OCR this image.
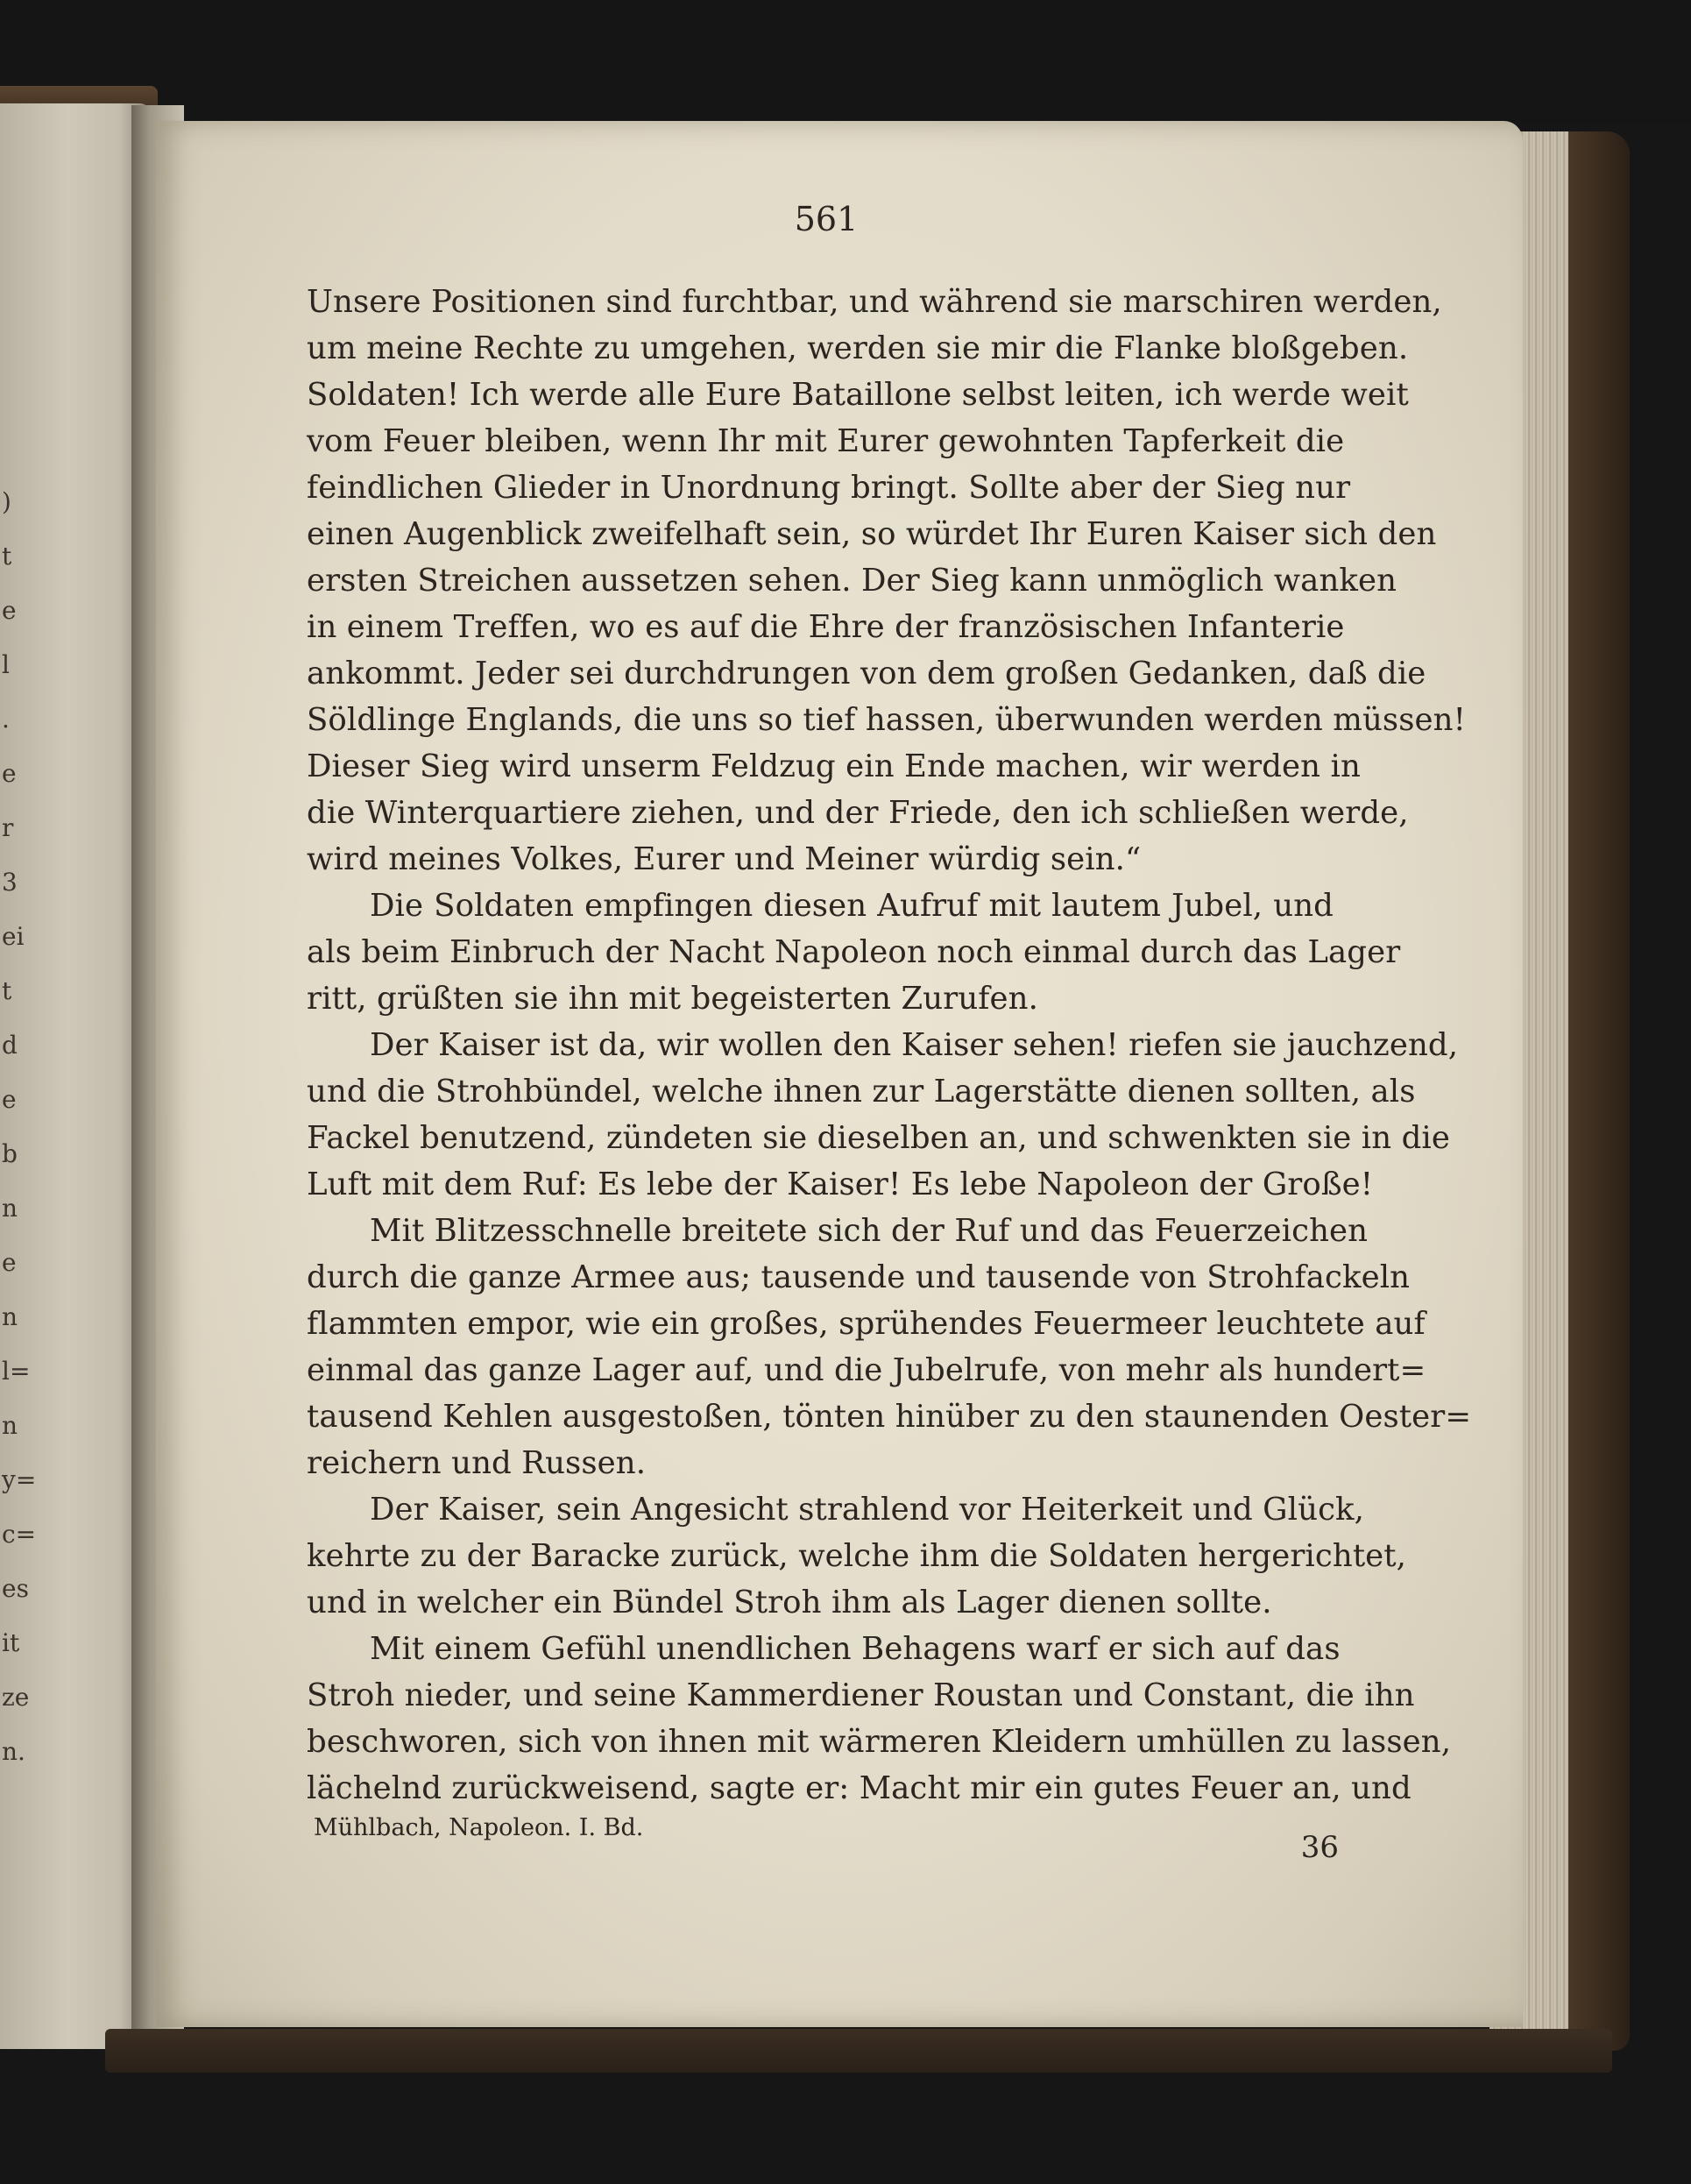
)
t
e
l
.
e
r
3
ei
t
d
e
b
n
e
n
l=
n
y=
c=
es
it
ze
n.
561
Unsere Positionen sind furchtbar, und während sie marschiren werden,
um meine Rechte zu umgehen, werden sie mir die Flanke bloßgeben.
Soldaten! Ich werde alle Eure Bataillone selbst leiten, ich werde weit
vom Feuer bleiben, wenn Ihr mit Eurer gewohnten Tapferkeit die
feindlichen Glieder in Unordnung bringt. Sollte aber der Sieg nur
einen Augenblick zweifelhaft sein, so würdet Ihr Euren Kaiser sich den
ersten Streichen aussetzen sehen. Der Sieg kann unmöglich wanken
in einem Treffen, wo es auf die Ehre der französischen Infanterie
ankommt. Jeder sei durchdrungen von dem großen Gedanken, daß die
Söldlinge Englands, die uns so tief hassen, überwunden werden müssen!
Dieser Sieg wird unserm Feldzug ein Ende machen, wir werden in
die Winterquartiere ziehen, und der Friede, den ich schließen werde,
wird meines Volkes, Eurer und Meiner würdig sein.“
Die Soldaten empfingen diesen Aufruf mit lautem Jubel, und
als beim Einbruch der Nacht Napoleon noch einmal durch das Lager
ritt, grüßten sie ihn mit begeisterten Zurufen.
Der Kaiser ist da, wir wollen den Kaiser sehen! riefen sie jauchzend,
und die Strohbündel, welche ihnen zur Lagerstätte dienen sollten, als
Fackel benutzend, zündeten sie dieselben an, und schwenkten sie in die
Luft mit dem Ruf: Es lebe der Kaiser! Es lebe Napoleon der Große!
Mit Blitzesschnelle breitete sich der Ruf und das Feuerzeichen
durch die ganze Armee aus; tausende und tausende von Strohfackeln
flammten empor, wie ein großes, sprühendes Feuermeer leuchtete auf
einmal das ganze Lager auf, und die Jubelrufe, von mehr als hundert=
tausend Kehlen ausgestoßen, tönten hinüber zu den staunenden Oester=
reichern und Russen.
Der Kaiser, sein Angesicht strahlend vor Heiterkeit und Glück,
kehrte zu der Baracke zurück, welche ihm die Soldaten hergerichtet,
und in welcher ein Bündel Stroh ihm als Lager dienen sollte.
Mit einem Gefühl unendlichen Behagens warf er sich auf das
Stroh nieder, und seine Kammerdiener Roustan und Constant, die ihn
beschworen, sich von ihnen mit wärmeren Kleidern umhüllen zu lassen,
lächelnd zurückweisend, sagte er: Macht mir ein gutes Feuer an, und
Mühlbach, Napoleon. I. Bd.
36
